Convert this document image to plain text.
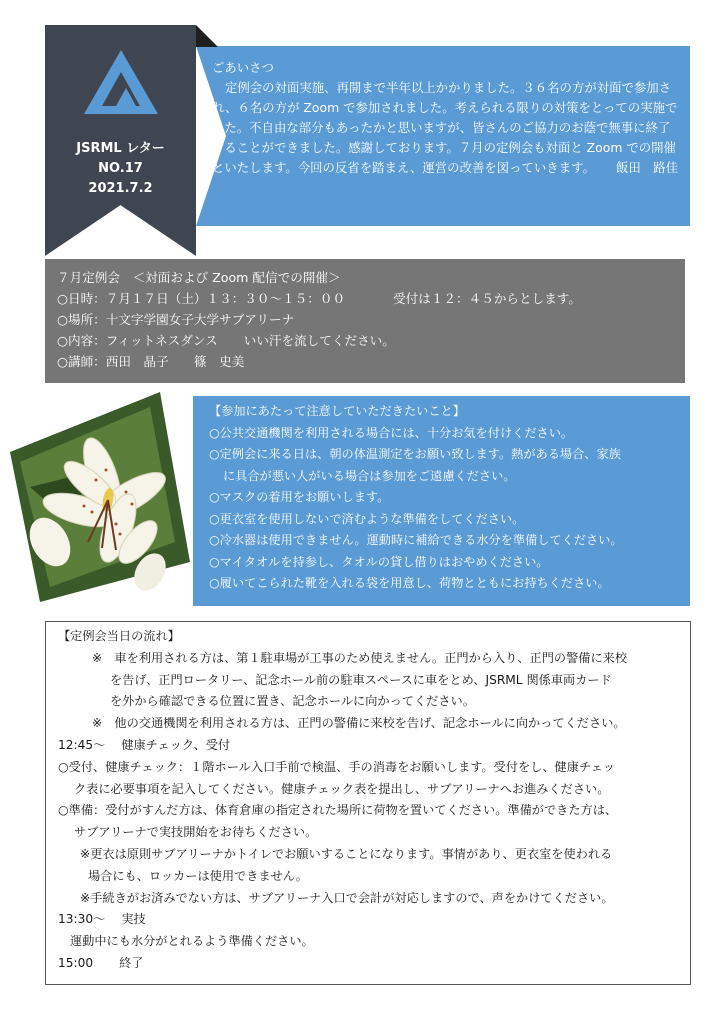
ごあいさつ
定例会の対面実施、再開まで半年以上かかりました。３６名の方が対面で参加され、６名の方が Zoom で参加されました。考えられる限りの対策をとっての実施でした。不自由な部分もあったかと思いますが、皆さんのご協力のお蔭で無事に終了することができました。感謝しております。７月の定例会も対面と Zoom での開催といたします。今回の反省を踏まえ、運営の改善を図っていきます。	飯田　路佳
JSRML レター
NO.17
2021.7.2
７月定例会　＜対面および Zoom 配信での開催＞
○日時：７月１７日（土）１３：３０～１５：００	受付は１２：４５からとします。
○場所：十文字学園女子大学サブアリーナ
○内容：フィットネスダンス いい汗を流してください。
○講師：西田　晶子　　篠　史美
【参加にあたって注意していただきたいこと】
○公共交通機関を利用される場合には、十分お気を付けください。
○定例会に来る日は、朝の体温測定をお願い致します。熱がある場合、家族
に具合が悪い人がいる場合は参加をご遠慮ください。
○マスクの着用をお願いします。
○更衣室を使用しないで済むような準備をしてください。
○冷水器は使用できません。運動時に補給できる水分を準備してください。
○マイタオルを持参し、タオルの貸し借りはおやめください。
○履いてこられた靴を入れる袋を用意し、荷物とともにお持ちください。
【定例会当日の流れ】
※　車を利用される方は、第１駐車場が工事のため使えません。正門から入り、正門の警備に来校
を告げ、正門ロータリー、記念ホール前の駐車スペースに車をとめ、JSRML 関係車両カード
を外から確認できる位置に置き、記念ホールに向かってください。
※　他の交通機関を利用される方は、正門の警備に来校を告げ、記念ホールに向かってください。
12:45～ 健康チェック、受付
○受付、健康チェック：１階ホール入口手前で検温、手の消毒をお願いします。受付をし、健康チェッ
ク表に必要事項を記入してください。健康チェック表を提出し、サブアリーナへお進みください。
○準備：受付がすんだ方は、体育倉庫の指定された場所に荷物を置いてください。準備ができた方は、
サブアリーナで実技開始をお待ちください。
※更衣は原則サブアリーナかトイレでお願いすることになります。事情があり、更衣室を使われる
場合にも、ロッカーは使用できません。
※手続きがお済みでない方は、サブアリーナ入口で会計が対応しますので、声をかけてください。
13:30～ 実技
運動中にも水分がとれるよう準備ください。
15:00 終了
